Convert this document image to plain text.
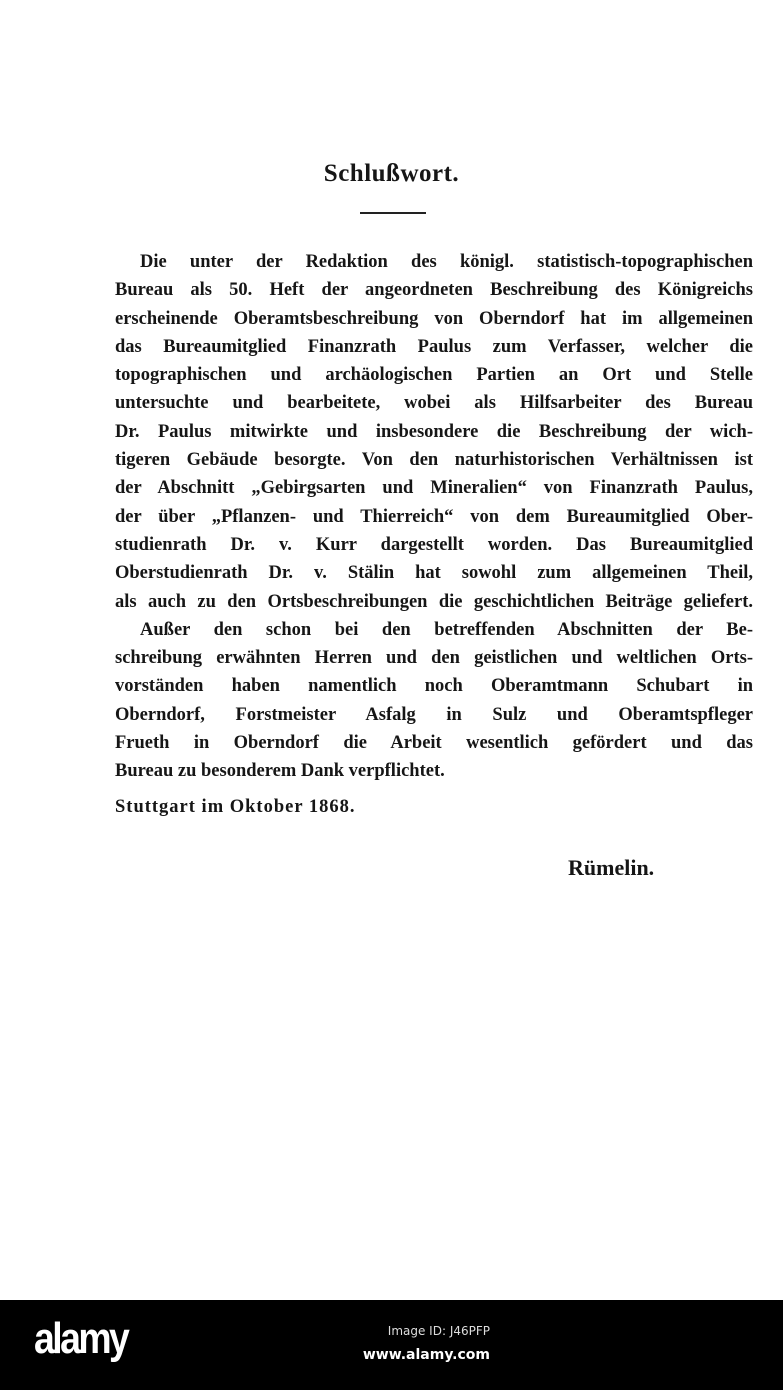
Schlußwort.
Die unter der Redaktion des königl. statistisch-topographischen
Bureau als 50. Heft der angeordneten Beschreibung des Königreichs
erscheinende Oberamtsbeschreibung von Oberndorf hat im allgemeinen
das Bureaumitglied Finanzrath Paulus zum Verfasser, welcher die
topographischen und archäologischen Partien an Ort und Stelle
untersuchte und bearbeitete, wobei als Hilfsarbeiter des Bureau
Dr. Paulus mitwirkte und insbesondere die Beschreibung der wich-
tigeren Gebäude besorgte. Von den naturhistorischen Verhältnissen ist
der Abschnitt „Gebirgsarten und Mineralien“ von Finanzrath Paulus,
der über „Pflanzen- und Thierreich“ von dem Bureaumitglied Ober-
studienrath Dr. v. Kurr dargestellt worden. Das Bureaumitglied
Oberstudienrath Dr. v. Stälin hat sowohl zum allgemeinen Theil,
als auch zu den Ortsbeschreibungen die geschichtlichen Beiträge geliefert.
Außer den schon bei den betreffenden Abschnitten der Be-
schreibung erwähnten Herren und den geistlichen und weltlichen Orts-
vorständen haben namentlich noch Oberamtmann Schubart in
Oberndorf, Forstmeister Asfalg in Sulz und Oberamtspfleger
Frueth in Oberndorf die Arbeit wesentlich gefördert und das
Bureau zu besonderem Dank verpflichtet.
Stuttgart im Oktober 1868.
Rümelin.
alamy	Image ID: J46PFP
www.alamy.com
